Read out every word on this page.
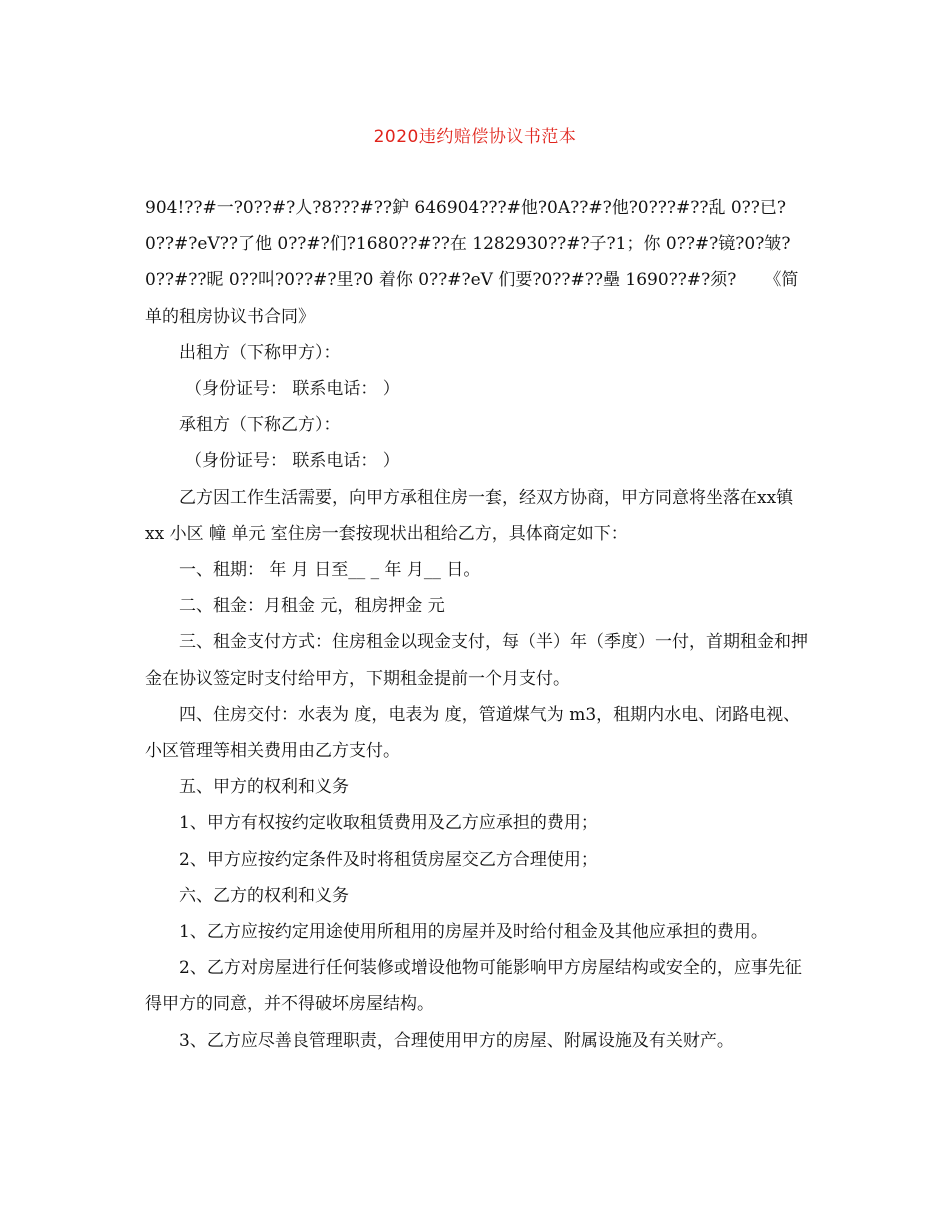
2020违约赔偿协议书范本

904!??#一?0??#?人?8???#??鈩 646904???#他?0A??#?他?0???#??乱 0??已?0??#?eV??了他 0??#?们?1680??#??在 1282930??#?子?1；你 0??#?镜?0?皱?0??#??昵 0??叫?0??#?里?0 着你 0??#?eV 们要?0??#??壘 1690??#?须? 《简单的租房协议书合同》

出租方（下称甲方）：

（身份证号： 联系电话： ）

承租方（下称乙方）：

（身份证号： 联系电话： ）

乙方因工作生活需要，向甲方承租住房一套，经双方协商，甲方同意将坐落在xx镇xx 小区 幢 单元 室住房一套按现状出租给乙方，具体商定如下：

一、租期： 年 月 日至__ _ 年 月__ 日。

二、租金：月租金 元，租房押金 元

三、租金支付方式：住房租金以现金支付，每（半）年（季度）一付，首期租金和押金在协议签定时支付给甲方，下期租金提前一个月支付。

四、住房交付：水表为 度，电表为 度，管道煤气为 m3，租期内水电、闭路电视、小区管理等相关费用由乙方支付。

五、甲方的权利和义务

1、甲方有权按约定收取租赁费用及乙方应承担的费用；

2、甲方应按约定条件及时将租赁房屋交乙方合理使用；

六、乙方的权利和义务

1、乙方应按约定用途使用所租用的房屋并及时给付租金及其他应承担的费用。

2、乙方对房屋进行任何装修或增设他物可能影响甲方房屋结构或安全的，应事先征得甲方的同意，并不得破坏房屋结构。

3、乙方应尽善良管理职责，合理使用甲方的房屋、附属设施及有关财产。
